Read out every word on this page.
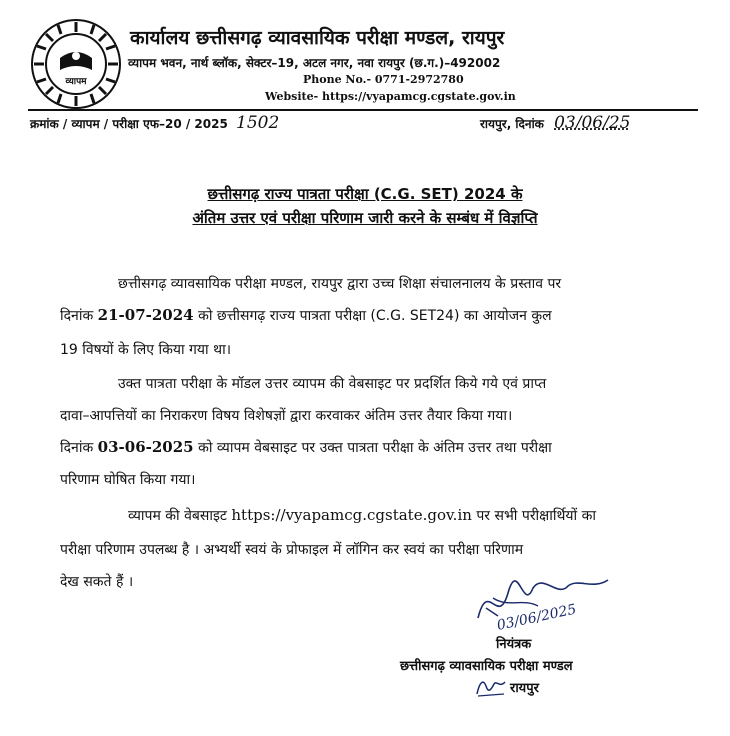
व्यापम
कार्यालय छत्तीसगढ़ व्यावसायिक परीक्षा मण्डल, रायपुर
व्यापम भवन, नार्थ ब्लॉक, सेक्टर–19, अटल नगर, नवा रायपुर (छ.ग.)–492002
Phone No.- 0771-2972780
Website- https://vyapamcg.cgstate.gov.in
क्रमांक / व्यापम / परीक्षा एफ–20 / 2025 1502	रायपुर, दिनांक 03/06/25
छत्तीसगढ़ राज्य पात्रता परीक्षा (C.G. SET) 2024 के
अंतिम उत्तर एवं परीक्षा परिणाम जारी करने के सम्बंध में विज्ञप्ति
छत्तीसगढ़ व्यावसायिक परीक्षा मण्डल, रायपुर द्वारा उच्च शिक्षा संचालनालय के प्रस्ताव पर
दिनांक 21-07-2024 को छत्तीसगढ़ राज्य पात्रता परीक्षा (C.G. SET24) का आयोजन कुल
19 विषयों के लिए किया गया था।
उक्त पात्रता परीक्षा के मॉडल उत्तर व्यापम की वेबसाइट पर प्रदर्शित किये गये एवं प्राप्त
दावा–आपत्तियों का निराकरण विषय विशेषज्ञों द्वारा करवाकर अंतिम उत्तर तैयार किया गया।
दिनांक 03-06-2025 को व्यापम वेबसाइट पर उक्त पात्रता परीक्षा के अंतिम उत्तर तथा परीक्षा
परिणाम घोषित किया गया।
व्यापम की वेबसाइट https://vyapamcg.cgstate.gov.in पर सभी परीक्षार्थियों का
परीक्षा परिणाम उपलब्ध है । अभ्यर्थी स्वयं के प्रोफाइल में लॉगिन कर स्वयं का परीक्षा परिणाम
देख सकते हैं ।
03/06/2025
नियंत्रक
छत्तीसगढ़ व्यावसायिक परीक्षा मण्डल
रायपुर
